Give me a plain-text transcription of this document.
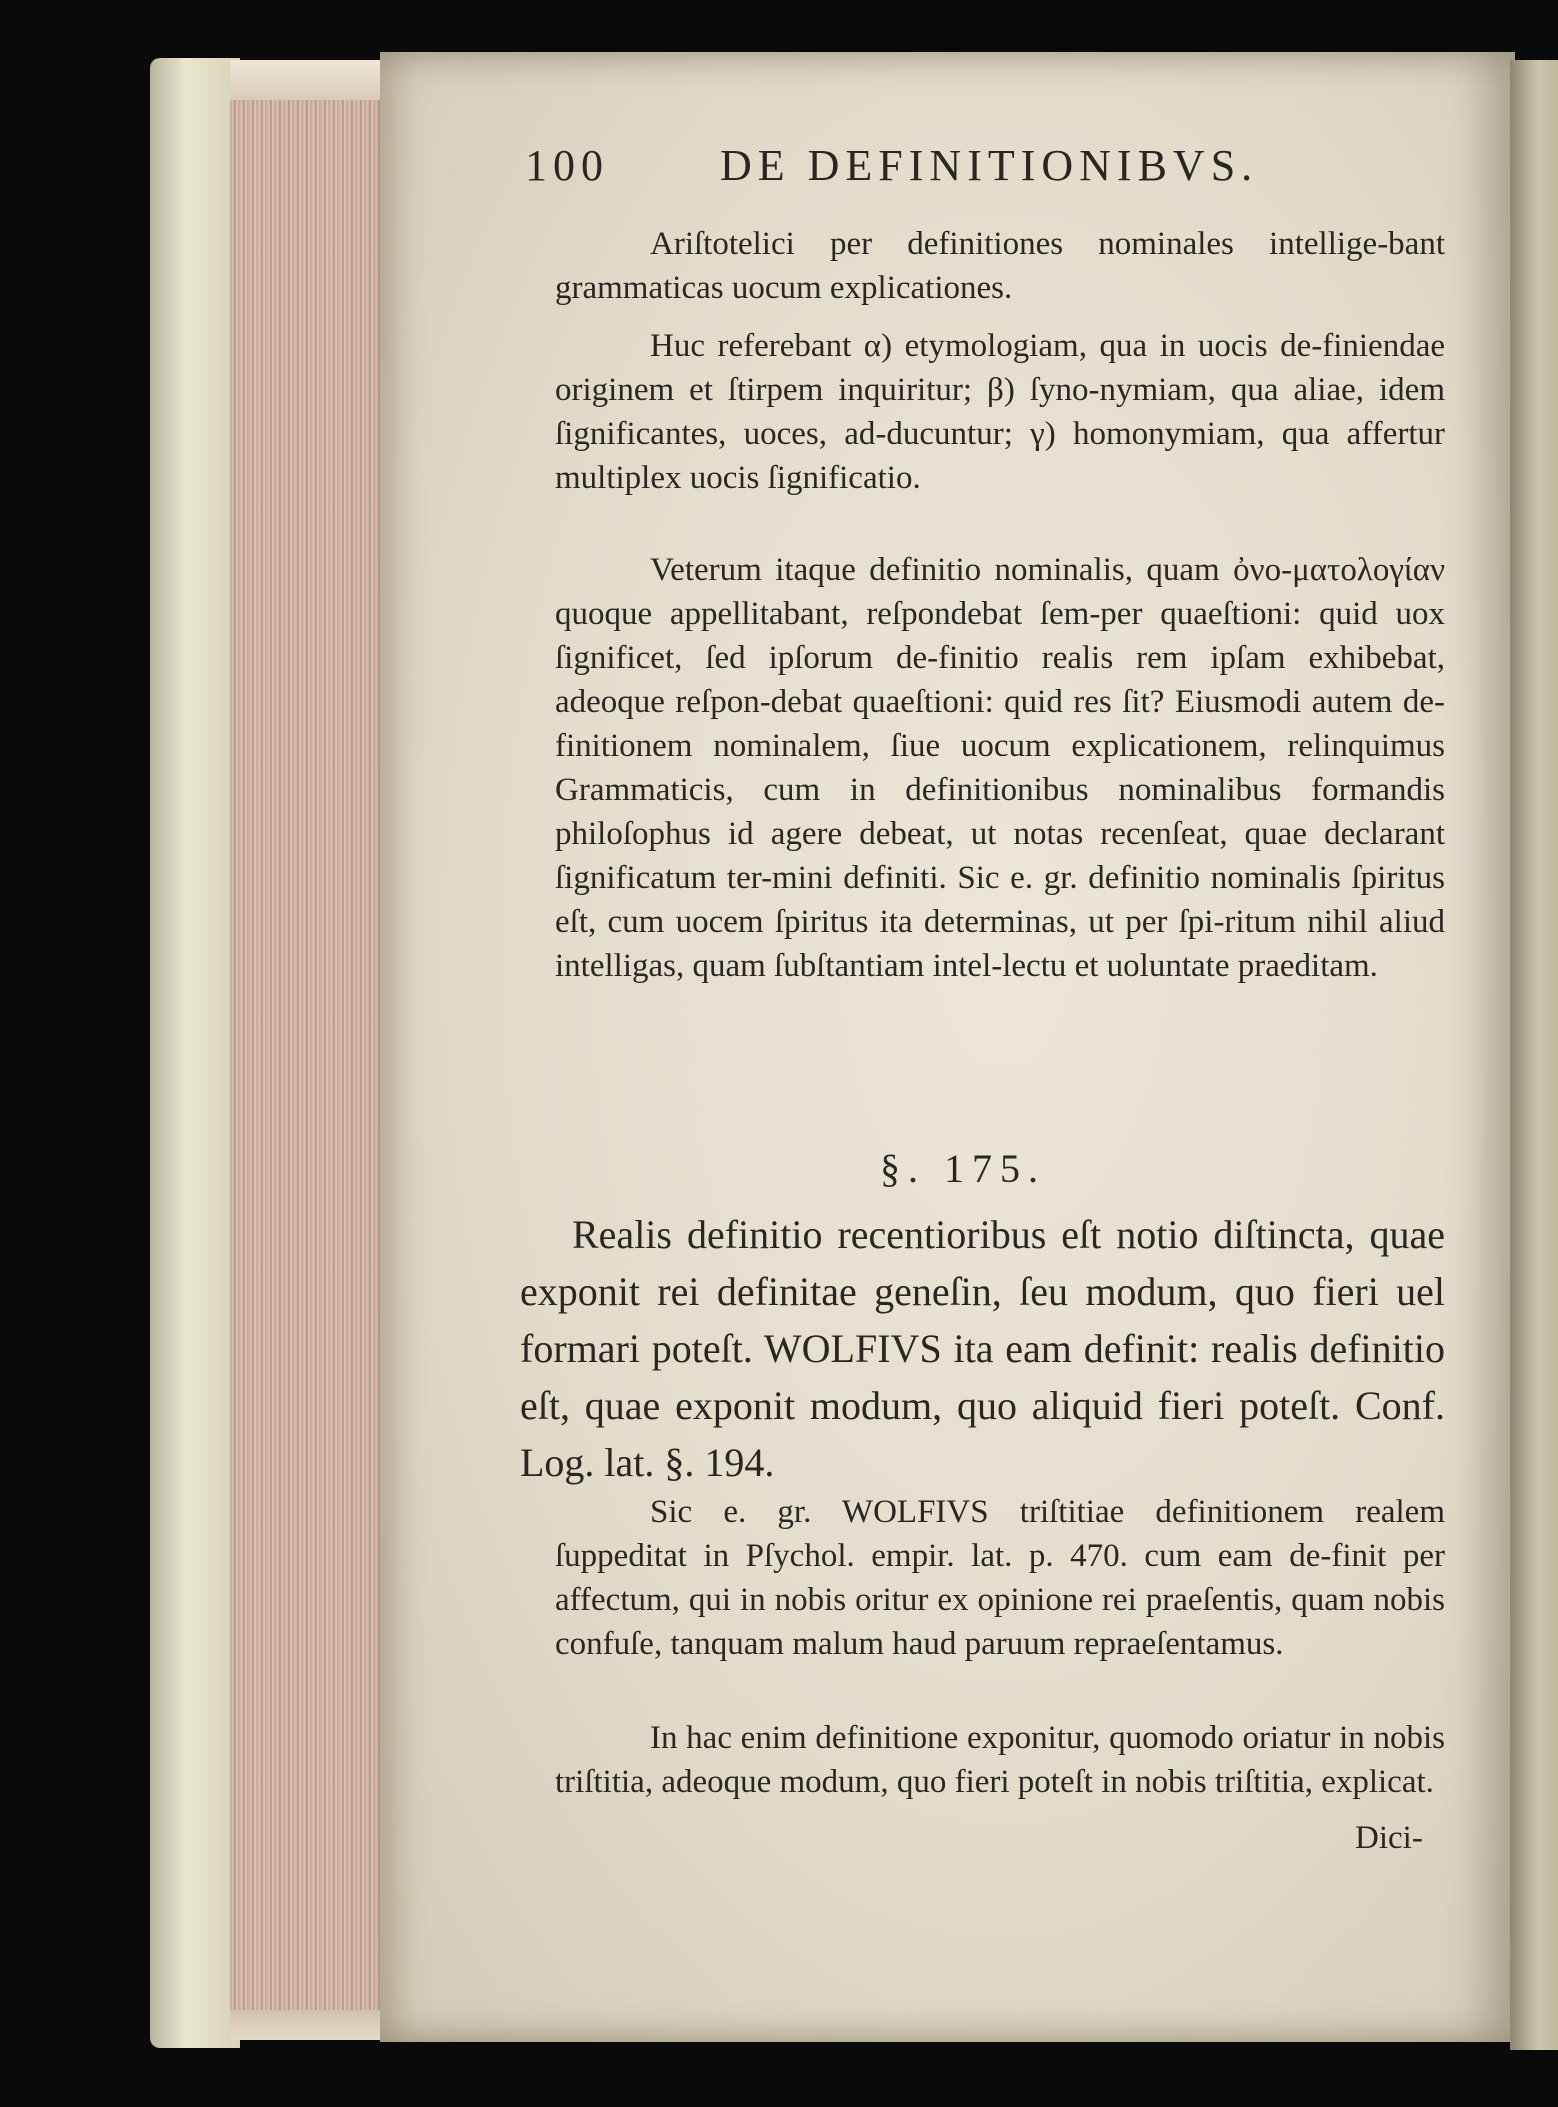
100	DE DEFINITIONIBVS.
Ariſtotelici per definitiones nominales intellige-bant grammaticas uocum explicationes.
Huc referebant α) etymologiam, qua in uocis de-finiendae originem et ſtirpem inquiritur; β) ſyno-nymiam, qua aliae, idem ſignificantes, uoces, ad-ducuntur; γ) homonymiam, qua affertur multiplex uocis ſignificatio.
Veterum itaque definitio nominalis, quam ὀνο-ματολογίαν quoque appellitabant, reſpondebat ſem-per quaeſtioni: quid uox ſignificet, ſed ipſorum de-finitio realis rem ipſam exhibebat, adeoque reſpon-debat quaeſtioni: quid res ſit? Eiusmodi autem de-finitionem nominalem, ſiue uocum explicationem, relinquimus Grammaticis, cum in definitionibus nominalibus formandis philoſophus id agere debeat, ut notas recenſeat, quae declarant ſignificatum ter-mini definiti. Sic e. gr. definitio nominalis ſpiritus eſt, cum uocem ſpiritus ita determinas, ut per ſpi-ritum nihil aliud intelligas, quam ſubſtantiam intel-lectu et uoluntate praeditam.
§. 175.
Realis definitio recentioribus eſt notio diſtincta, quae exponit rei definitae geneſin, ſeu modum, quo fieri uel formari poteſt. WOLFIVS ita eam definit: realis definitio eſt, quae exponit modum, quo aliquid fieri poteſt. Conf. Log. lat. §. 194.
Sic e. gr. WOLFIVS triſtitiae definitionem realem ſuppeditat in Pſychol. empir. lat. p. 470. cum eam de-finit per affectum, qui in nobis oritur ex opinione rei praeſentis, quam nobis confuſe, tanquam malum haud paruum repraeſentamus.
In hac enim definitione exponitur, quomodo oriatur in nobis triſtitia, adeoque modum, quo fieri poteſt in nobis triſtitia, explicat.
Dici-
